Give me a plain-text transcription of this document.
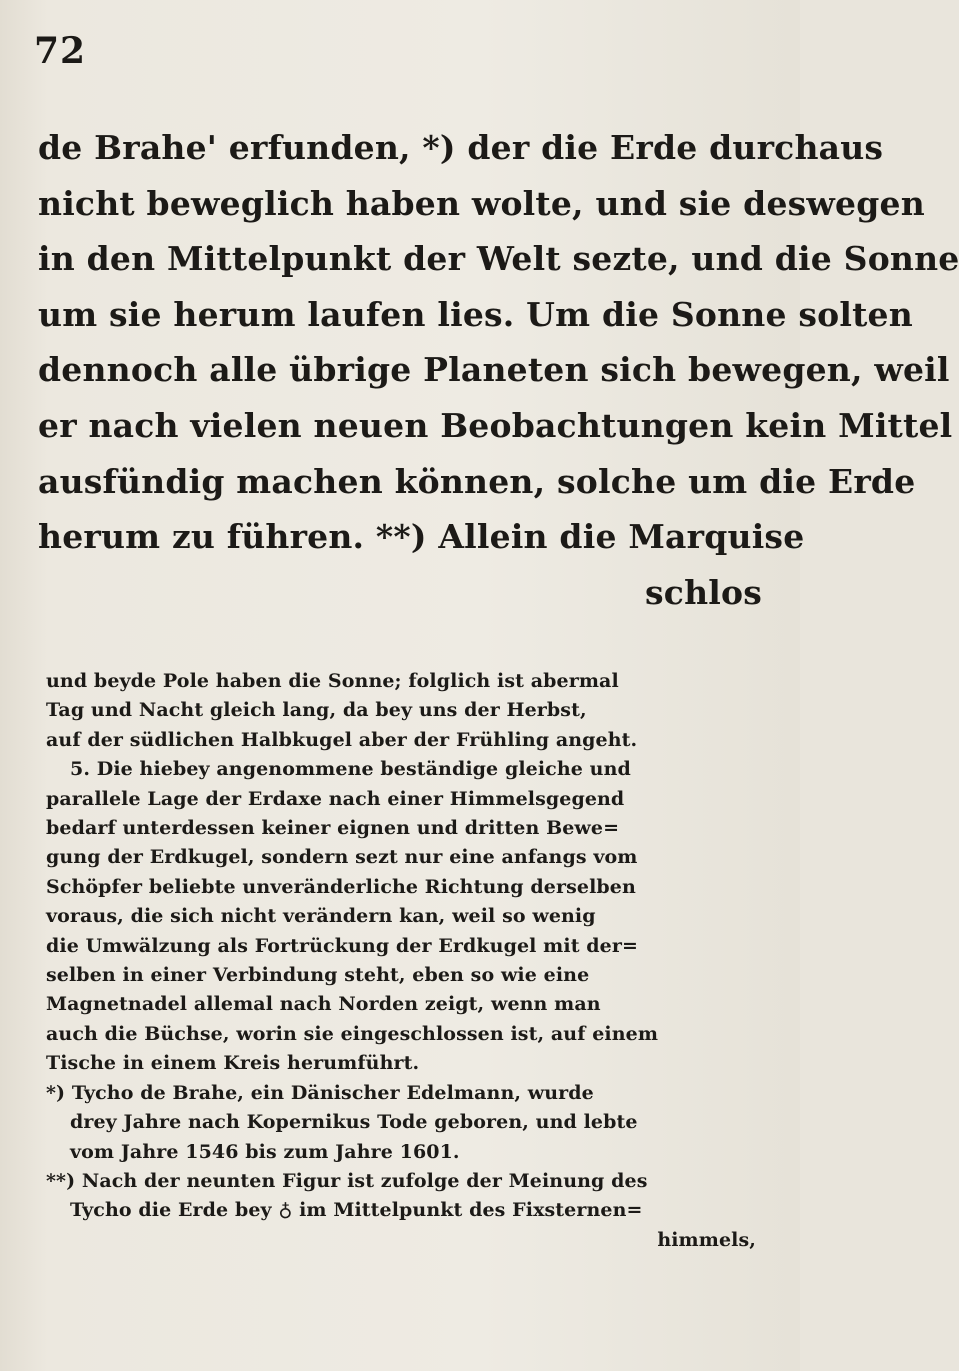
72
de Brahe' erfunden, *) der die Erde durchaus
nicht beweglich haben wolte, und sie deswegen
in den Mittelpunkt der Welt sezte, und die Sonne
um sie herum laufen lies. Um die Sonne solten
dennoch alle übrige Planeten sich bewegen, weil
er nach vielen neuen Beobachtungen kein Mittel
ausfündig machen können, solche um die Erde
herum zu führen. **) Allein die Marquise
schlos
und beyde Pole haben die Sonne; folglich ist abermal
Tag und Nacht gleich lang, da bey uns der Herbst,
auf der südlichen Halbkugel aber der Frühling angeht.
5. Die hiebey angenommene beständige gleiche und
parallele Lage der Erdaxe nach einer Himmelsgegend
bedarf unterdessen keiner eignen und dritten Bewe=
gung der Erdkugel, sondern sezt nur eine anfangs vom
Schöpfer beliebte unveränderliche Richtung derselben
voraus, die sich nicht verändern kan, weil so wenig
die Umwälzung als Fortrückung der Erdkugel mit der=
selben in einer Verbindung steht, eben so wie eine
Magnetnadel allemal nach Norden zeigt, wenn man
auch die Büchse, worin sie eingeschlossen ist, auf einem
Tische in einem Kreis herumführt.
*) Tycho de Brahe, ein Dänischer Edelmann, wurde
drey Jahre nach Kopernikus Tode geboren, und lebte
vom Jahre 1546 bis zum Jahre 1601.
**) Nach der neunten Figur ist zufolge der Meinung des
Tycho die Erde bey ♁ im Mittelpunkt des Fixsternen=
himmels,
